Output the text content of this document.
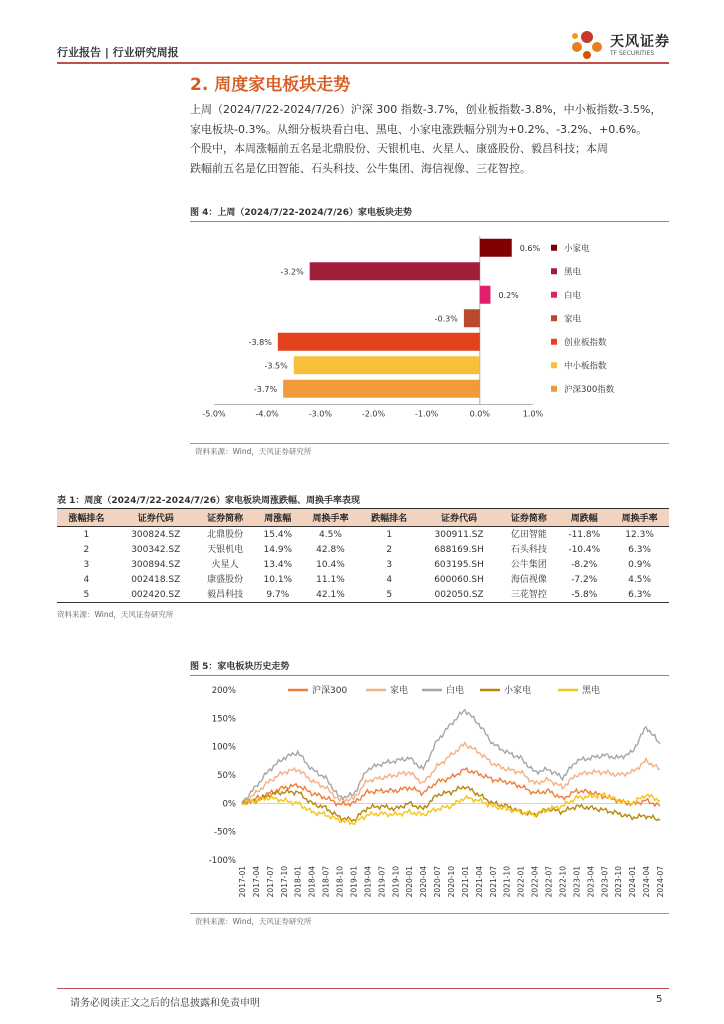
行业报告 | 行业研究周报
天风证券
TF SECURITIES
2. 周度家电板块走势

上周（2024/7/22-2024/7/26）沪深 300 指数-3.7%，创业板指数-3.8%，中小板指数-3.5%，

家电板块-0.3%。从细分板块看白电、黑电、小家电涨跌幅分别为+0.2%、-3.2%、+0.6%。

个股中，本周涨幅前五名是北鼎股份、天银机电、火星人、康盛股份、毅昌科技；本周

跌幅前五名是亿田智能、石头科技、公牛集团、海信视像、三花智控。

图 4：上周（2024/7/22-2024/7/26）家电板块走势
-5.0%	-4.0%	-3.0%	-2.0%	-1.0%	0.0%	1.0%
0.6%	小家电
-3.2%	黑电
0.2%	白电
-0.3%	家电
-3.8%	创业板指数
-3.5%	中小板指数
-3.7%	沪深300指数
资料来源：Wind，天风证券研究所
表 1：周度（2024/7/22-2024/7/26）家电板块周涨跌幅、周换手率表现
涨幅排名	证券代码	证券简称	周涨幅	周换手率	跌幅排名	证券代码	证券简称	周跌幅	周换手率
1	300824.SZ	北鼎股份	15.4%	4.5%	1	300911.SZ	亿田智能	-11.8%	12.3%
2	300342.SZ	天银机电	14.9%	42.8%	2	688169.SH	石头科技	-10.4%	6.3%
3	300894.SZ	火星人	13.4%	10.4%	3	603195.SH	公牛集团	-8.2%	0.9%
4	002418.SZ	康盛股份	10.1%	11.1%	4	600060.SH	海信视像	-7.2%	4.5%
5	002420.SZ	毅昌科技	9.7%	42.1%	5	002050.SZ	三花智控	-5.8%	6.3%
资料来源：Wind，天风证券研究所
图 5：家电板块历史走势
-100%
-50%
0%
50%
100%
150%
200%
2017-01 2017-04 2017-07 2017-10 2018-01 2018-04 2018-07 2018-10 2019-01 2019-04 2019-07 2019-10 2020-01 2020-04 2020-07 2020-10 2021-01 2021-04 2021-07 2021-10 2022-01 2022-04 2022-07 2022-10 2023-01 2023-04 2023-07 2023-10 2024-01 2024-04 2024-07
沪深300	家电	白电	小家电	黑电
资料来源：Wind，天风证券研究所
请务必阅读正文之后的信息披露和免责申明	5
